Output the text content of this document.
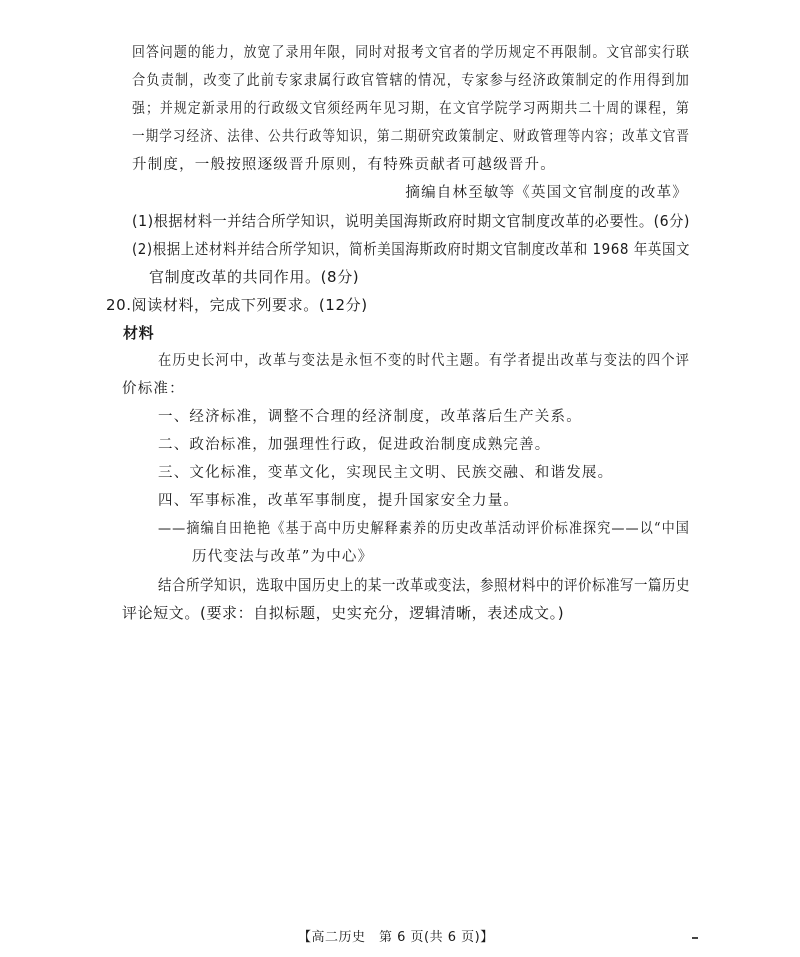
回答问题的能力，放宽了录用年限，同时对报考文官者的学历规定不再限制。文官部实行联
合负责制，改变了此前专家隶属行政官管辖的情况，专家参与经济政策制定的作用得到加
强；并规定新录用的行政级文官须经两年见习期，在文官学院学习两期共二十周的课程，第
一期学习经济、法律、公共行政等知识，第二期研究政策制定、财政管理等内容；改革文官晋
升制度，一般按照逐级晋升原则，有特殊贡献者可越级晋升。
摘编自林至敏等《英国文官制度的改革》
(1)根据材料一并结合所学知识，说明美国海斯政府时期文官制度改革的必要性。(6分)
(2)根据上述材料并结合所学知识，简析美国海斯政府时期文官制度改革和 1968 年英国文
官制度改革的共同作用。(8分)
20.阅读材料，完成下列要求。(12分)
材料
在历史长河中，改革与变法是永恒不变的时代主题。有学者提出改革与变法的四个评
价标准：
一、经济标准，调整不合理的经济制度，改革落后生产关系。
二、政治标准，加强理性行政，促进政治制度成熟完善。
三、文化标准，变革文化，实现民主文明、民族交融、和谐发展。
四、军事标准，改革军事制度，提升国家安全力量。
——摘编自田艳艳《基于高中历史解释素养的历史改革活动评价标准探究——以“中国
历代变法与改革”为中心》
结合所学知识，选取中国历史上的某一改革或变法，参照材料中的评价标准写一篇历史
评论短文。(要求：自拟标题，史实充分，逻辑清晰，表述成文。)
【高二历史　第 6 页(共 6 页)】
